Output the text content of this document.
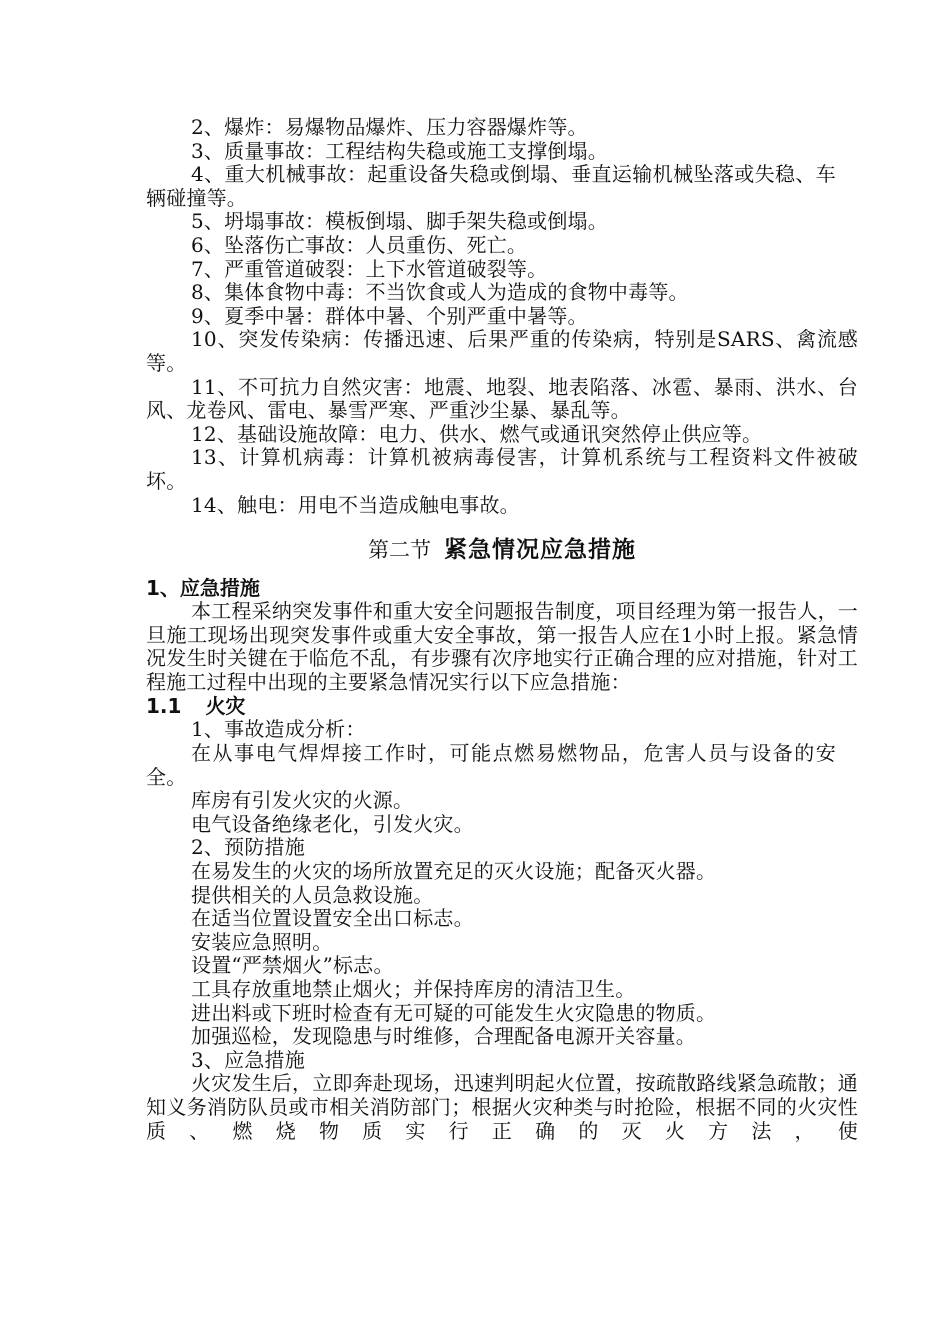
2、爆炸：易爆物品爆炸、压力容器爆炸等。

3、质量事故：工程结构失稳或施工支撑倒塌。

4、重大机械事故：起重设备失稳或倒塌、垂直运输机械坠落或失稳、车辆碰撞等。

5、坍塌事故：模板倒塌、脚手架失稳或倒塌。

6、坠落伤亡事故：人员重伤、死亡。

7、严重管道破裂：上下水管道破裂等。

8、集体食物中毒：不当饮食或人为造成的食物中毒等。

9、夏季中暑：群体中暑、个别严重中暑等。

10、突发传染病：传播迅速、后果严重的传染病，特别是SARS、禽流感等。

11、不可抗力自然灾害：地震、地裂、地表陷落、冰雹、暴雨、洪水、台风、龙卷风、雷电、暴雪严寒、严重沙尘暴、暴乱等。

12、基础设施故障：电力、供水、燃气或通讯突然停止供应等。

13、计算机病毒：计算机被病毒侵害，计算机系统与工程资料文件被破坏。

14、触电：用电不当造成触电事故。

第二节 紧急情况应急措施

1、应急措施

本工程采纳突发事件和重大安全问题报告制度，项目经理为第一报告人，一旦施工现场出现突发事件或重大安全事故，第一报告人应在1小时上报。紧急情况发生时关键在于临危不乱，有步骤有次序地实行正确合理的应对措施，针对工程施工过程中出现的主要紧急情况实行以下应急措施：

1.1 火灾

1、事故造成分析：

在从事电气焊焊接工作时，可能点燃易燃物品，危害人员与设备的安全。

库房有引发火灾的火源。

电气设备绝缘老化，引发火灾。

2、预防措施

在易发生的火灾的场所放置充足的灭火设施；配备灭火器。

提供相关的人员急救设施。

在适当位置设置安全出口标志。

安装应急照明。

设置“严禁烟火”标志。

工具存放重地禁止烟火；并保持库房的清洁卫生。

进出料或下班时检查有无可疑的可能发生火灾隐患的物质。

加强巡检，发现隐患与时维修，合理配备电源开关容量。

3、应急措施

火灾发生后，立即奔赴现场，迅速判明起火位置，按疏散路线紧急疏散；通知义务消防队员或市相关消防部门；根据火灾种类与时抢险，根据不同的火灾性质、燃烧物质实行正确的灭火方法，使
